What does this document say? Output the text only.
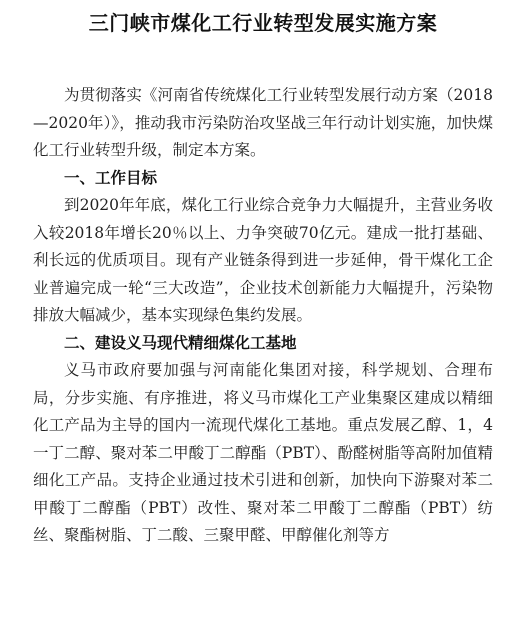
三门峡市煤化工行业转型发展实施方案

为贯彻落实《河南省传统煤化工行业转型发展行动方案（2018—2020年）》，推动我市污染防治攻坚战三年行动计划实施，加快煤化工行业转型升级，制定本方案。

一、工作目标

到2020年年底，煤化工行业综合竞争力大幅提升，主营业务收入较2018年增长20％以上、力争突破70亿元。建成一批打基础、利长远的优质项目。现有产业链条得到进一步延伸，骨干煤化工企业普遍完成一轮“三大改造”，企业技术创新能力大幅提升，污染物排放大幅减少，基本实现绿色集约发展。

二、建设义马现代精细煤化工基地

义马市政府要加强与河南能化集团对接，科学规划、合理布局，分步实施、有序推进，将义马市煤化工产业集聚区建成以精细化工产品为主导的国内一流现代煤化工基地。重点发展乙醇、1，4一丁二醇、聚对苯二甲酸丁二醇酯（PBT）、酚醛树脂等高附加值精细化工产品。支持企业通过技术引进和创新，加快向下游聚对苯二甲酸丁二醇酯（PBT）改性、聚对苯二甲酸丁二醇酯（PBT）纺丝、聚酯树脂、丁二酸、三聚甲醛、甲醇催化剂等方
